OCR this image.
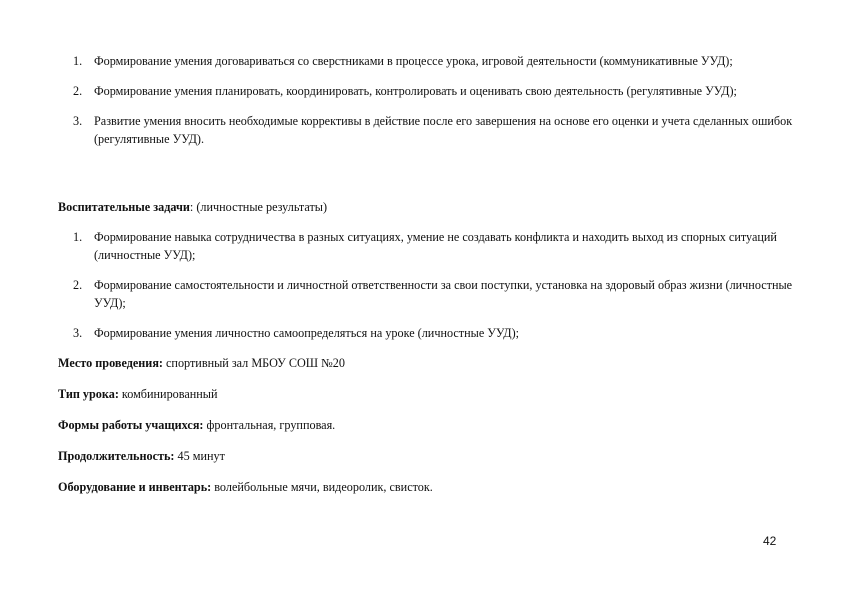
1. Формирование умения договариваться со сверстниками в процессе урока, игровой деятельности (коммуникативные УУД);
2. Формирование умения планировать, координировать, контролировать и оценивать свою деятельность (регулятивные УУД);
3. Развитие умения вносить необходимые коррективы в действие после его завершения на основе его оценки и учета сделанных ошибок (регулятивные УУД).
Воспитательные задачи: (личностные результаты)
1. Формирование навыка сотрудничества в разных ситуациях, умение не создавать конфликта и находить выход из спорных ситуаций (личностные УУД);
2. Формирование самостоятельности и личностной ответственности за свои поступки, установка на здоровый образ жизни (личностные УУД);
3. Формирование умения личностно самоопределяться на уроке (личностные УУД);
Место проведения: спортивный зал МБОУ СОШ №20
Тип урока: комбинированный
Формы работы учащихся: фронтальная, групповая.
Продолжительность: 45 минут
Оборудование и инвентарь: волейбольные мячи, видеоролик, свисток.
42
